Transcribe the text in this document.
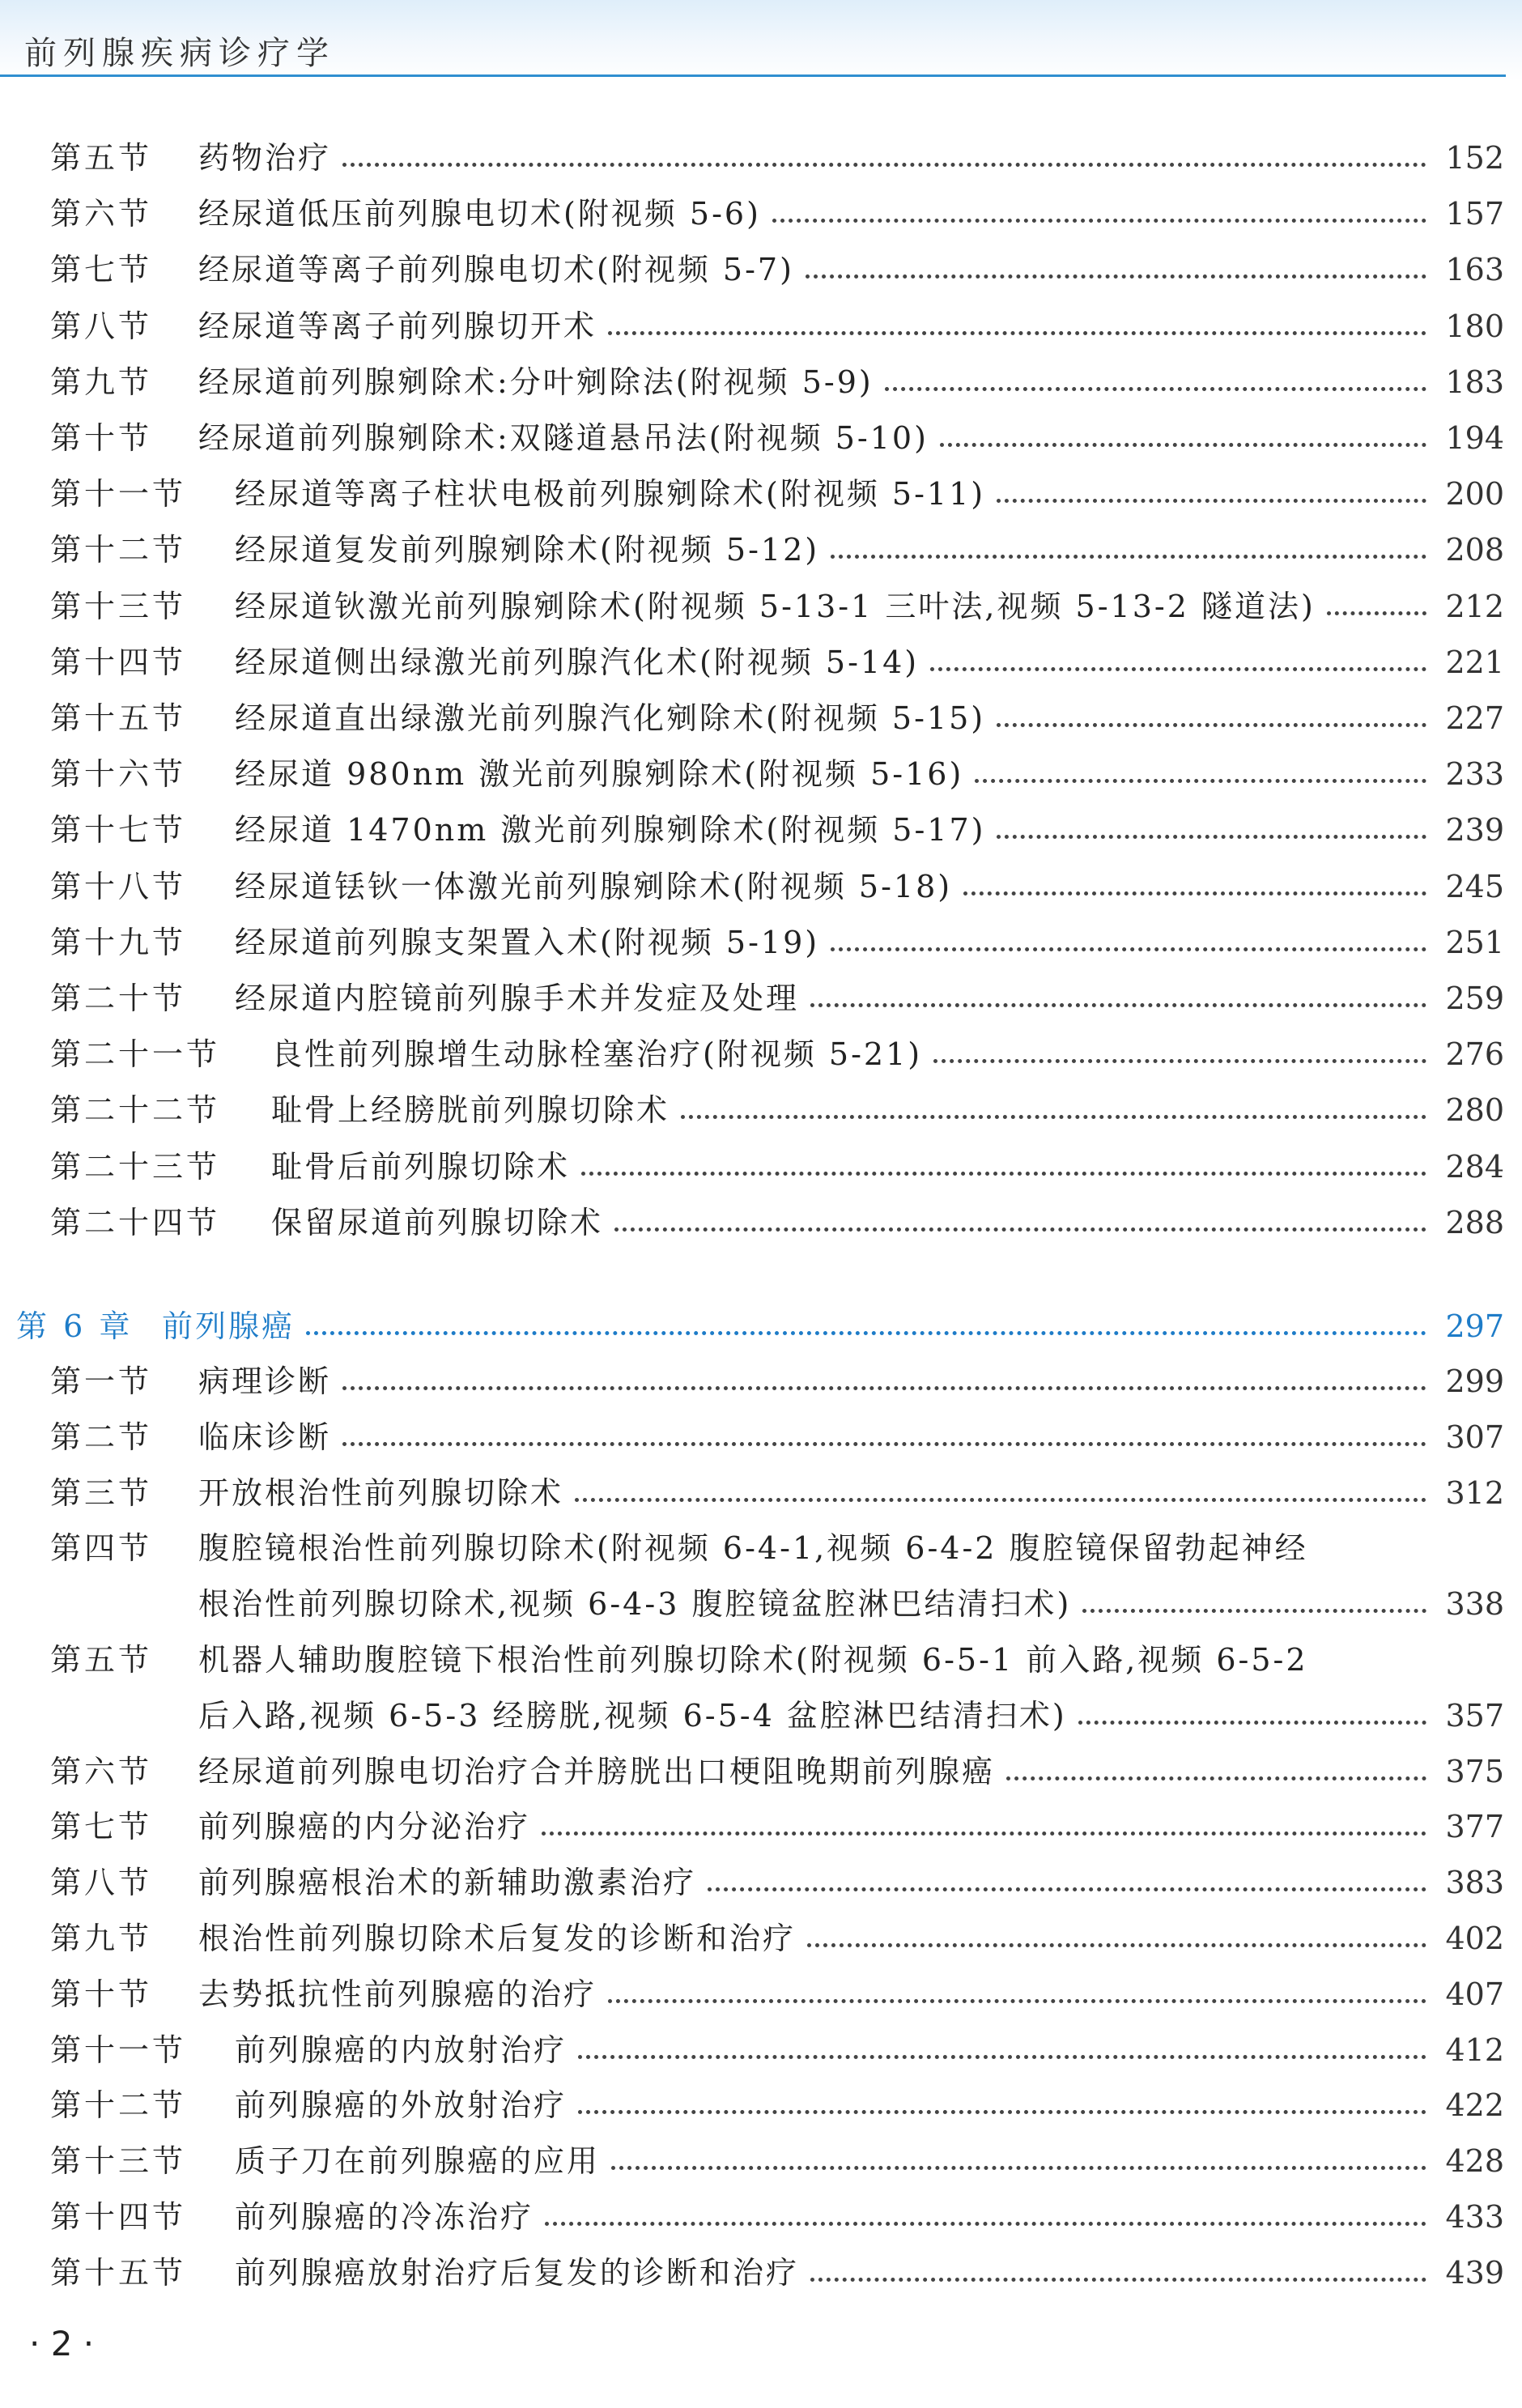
前列腺疾病诊疗学
第五节 药物治疗	152
第六节 经尿道低压前列腺电切术(附视频 5-6)	157
第七节 经尿道等离子前列腺电切术(附视频 5-7)	163
第八节 经尿道等离子前列腺切开术	180
第九节 经尿道前列腺剜除术:分叶剜除法(附视频 5-9)	183
第十节 经尿道前列腺剜除术:双隧道悬吊法(附视频 5-10)	194
第十一节 经尿道等离子柱状电极前列腺剜除术(附视频 5-11)	200
第十二节 经尿道复发前列腺剜除术(附视频 5-12)	208
第十三节 经尿道钬激光前列腺剜除术(附视频 5-13-1 三叶法,视频 5-13-2 隧道法)	212
第十四节 经尿道侧出绿激光前列腺汽化术(附视频 5-14)	221
第十五节 经尿道直出绿激光前列腺汽化剜除术(附视频 5-15)	227
第十六节 经尿道 980nm 激光前列腺剜除术(附视频 5-16)	233
第十七节 经尿道 1470nm 激光前列腺剜除术(附视频 5-17)	239
第十八节 经尿道铥钬一体激光前列腺剜除术(附视频 5-18)	245
第十九节 经尿道前列腺支架置入术(附视频 5-19)	251
第二十节 经尿道内腔镜前列腺手术并发症及处理	259
第二十一节 良性前列腺增生动脉栓塞治疗(附视频 5-21)	276
第二十二节 耻骨上经膀胱前列腺切除术	280
第二十三节 耻骨后前列腺切除术	284
第二十四节 保留尿道前列腺切除术	288
第 6 章 前列腺癌	297
第一节 病理诊断	299
第二节 临床诊断	307
第三节 开放根治性前列腺切除术	312
第四节 腹腔镜根治性前列腺切除术(附视频 6-4-1,视频 6-4-2 腹腔镜保留勃起神经
根治性前列腺切除术,视频 6-4-3 腹腔镜盆腔淋巴结清扫术)	338
第五节 机器人辅助腹腔镜下根治性前列腺切除术(附视频 6-5-1 前入路,视频 6-5-2
后入路,视频 6-5-3 经膀胱,视频 6-5-4 盆腔淋巴结清扫术)	357
第六节 经尿道前列腺电切治疗合并膀胱出口梗阻晚期前列腺癌	375
第七节 前列腺癌的内分泌治疗	377
第八节 前列腺癌根治术的新辅助激素治疗	383
第九节 根治性前列腺切除术后复发的诊断和治疗	402
第十节 去势抵抗性前列腺癌的治疗	407
第十一节 前列腺癌的内放射治疗	412
第十二节 前列腺癌的外放射治疗	422
第十三节 质子刀在前列腺癌的应用	428
第十四节 前列腺癌的冷冻治疗	433
第十五节 前列腺癌放射治疗后复发的诊断和治疗	439
· 2 ·
